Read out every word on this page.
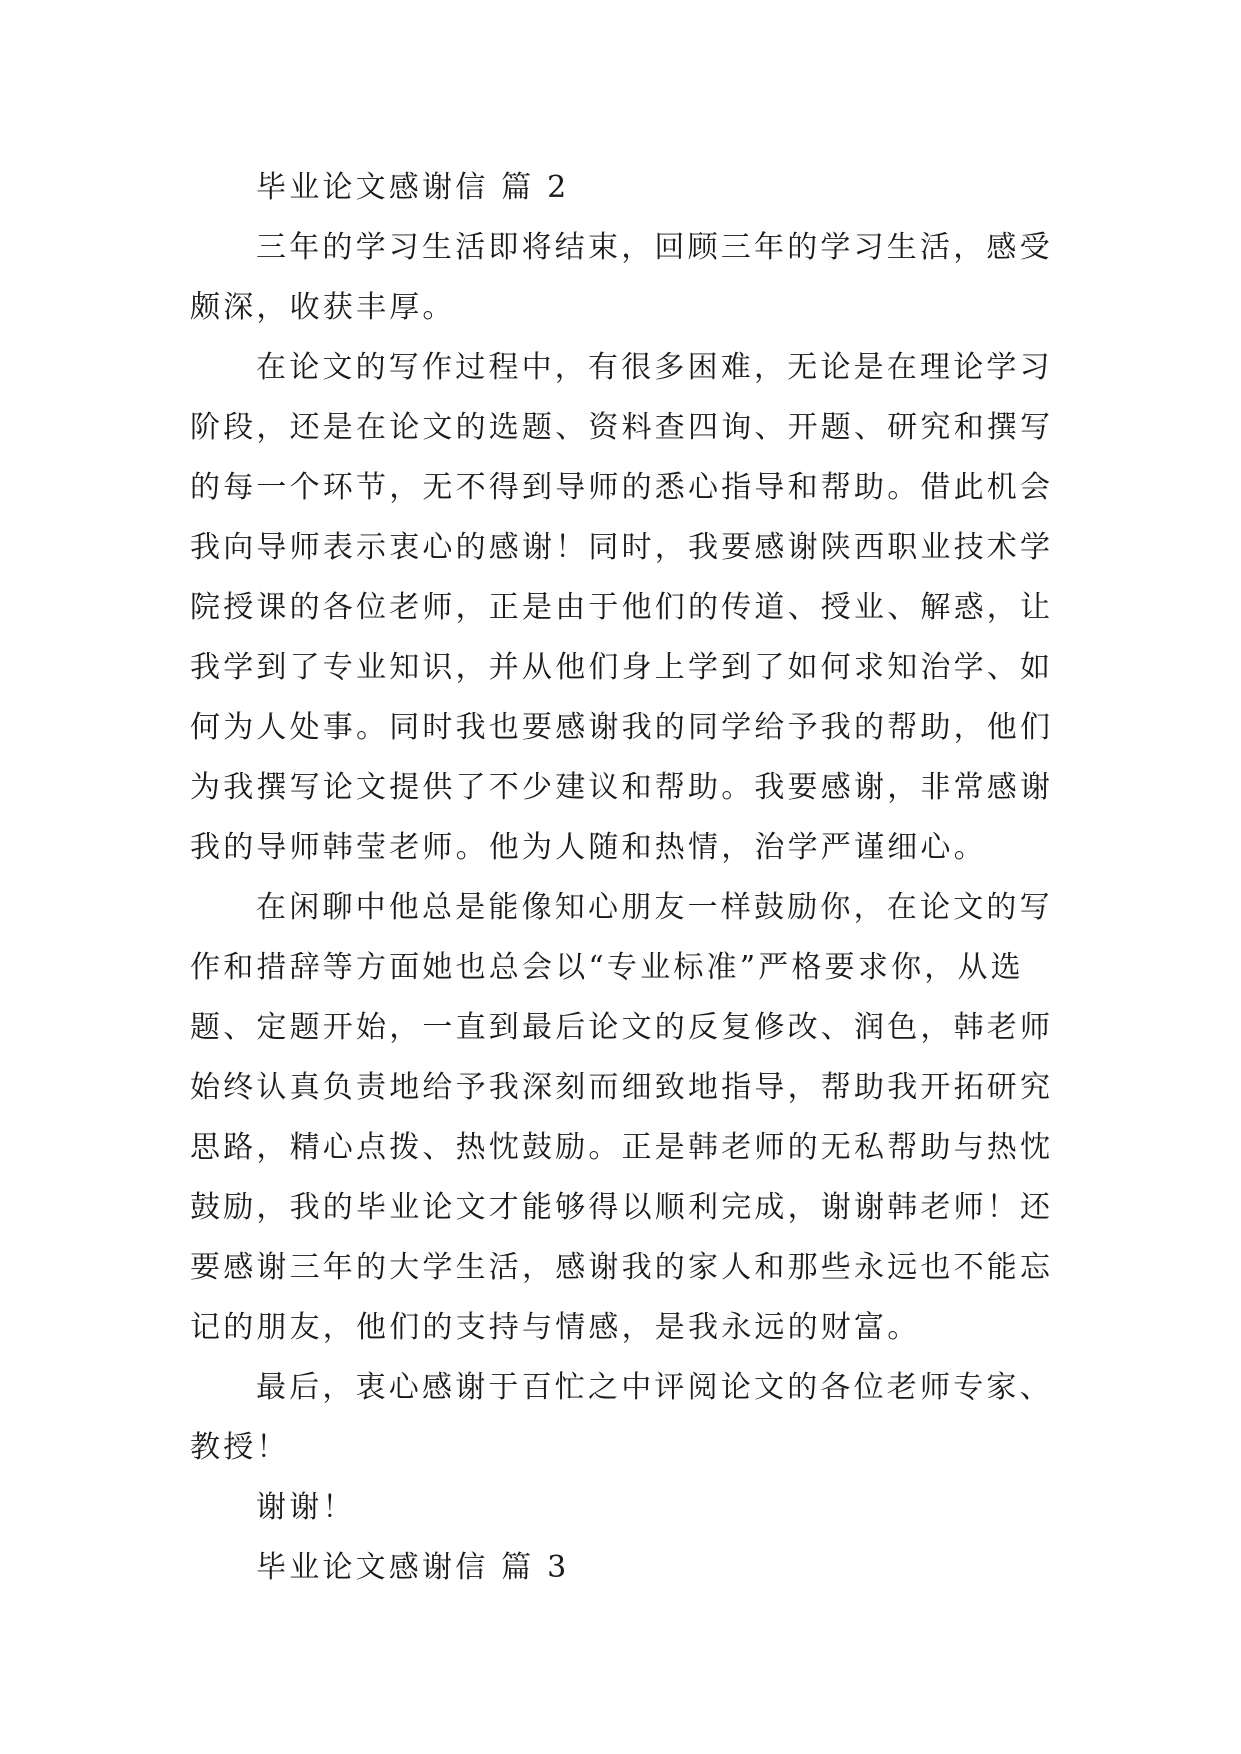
毕业论文感谢信 篇 2

三年的学习生活即将结束，回顾三年的学习生活，感受

颇深，收获丰厚。

在论文的写作过程中，有很多困难，无论是在理论学习

阶段，还是在论文的选题、资料查四询、开题、研究和撰写

的每一个环节，无不得到导师的悉心指导和帮助。借此机会

我向导师表示衷心的感谢！同时，我要感谢陕西职业技术学

院授课的各位老师，正是由于他们的传道、授业、解惑，让

我学到了专业知识，并从他们身上学到了如何求知治学、如

何为人处事。同时我也要感谢我的同学给予我的帮助，他们

为我撰写论文提供了不少建议和帮助。我要感谢，非常感谢

我的导师韩莹老师。他为人随和热情，治学严谨细心。

在闲聊中他总是能像知心朋友一样鼓励你，在论文的写

作和措辞等方面她也总会以“专业标准”严格要求你，从选

题、定题开始，一直到最后论文的反复修改、润色，韩老师

始终认真负责地给予我深刻而细致地指导，帮助我开拓研究

思路，精心点拨、热忱鼓励。正是韩老师的无私帮助与热忱

鼓励，我的毕业论文才能够得以顺利完成，谢谢韩老师！还

要感谢三年的大学生活，感谢我的家人和那些永远也不能忘

记的朋友，他们的支持与情感，是我永远的财富。

最后，衷心感谢于百忙之中评阅论文的各位老师专家、

教授！

谢谢！

毕业论文感谢信 篇 3
